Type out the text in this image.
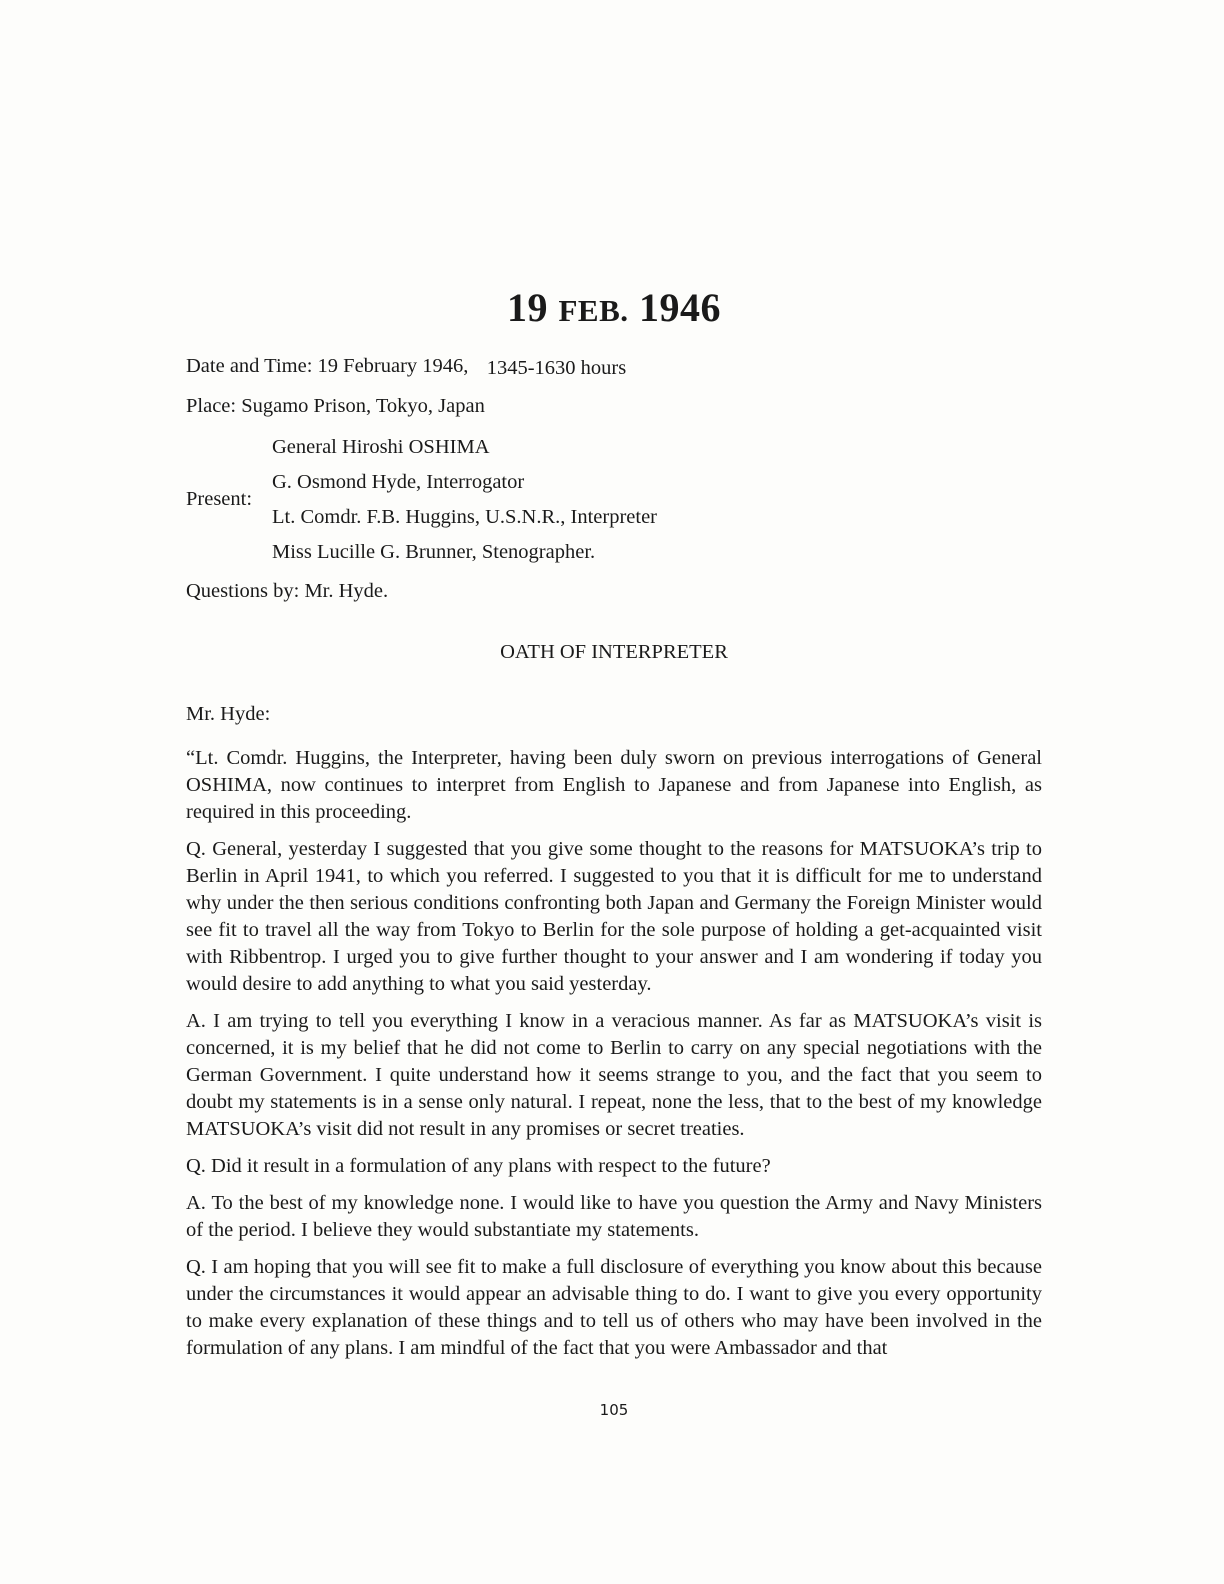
19 FEB. 1946
Date and Time: 19 February 1946, 1345-1630 hours
Place: Sugamo Prison, Tokyo, Japan
Present:
General Hiroshi OSHIMA
G. Osmond Hyde, Interrogator
Lt. Comdr. F.B. Huggins, U.S.N.R., Interpreter
Miss Lucille G. Brunner, Stenographer.
Questions by: Mr. Hyde.
OATH OF INTERPRETER

Mr. Hyde:

“Lt. Comdr. Huggins, the Interpreter, having been duly sworn on previous interrogations of General OSHIMA, now continues to interpret from English to Japanese and from Japanese into English, as required in this proceeding.

Q. General, yesterday I suggested that you give some thought to the reasons for MATSUOKA’s trip to Berlin in April 1941, to which you referred. I suggested to you that it is difficult for me to understand why under the then serious conditions confronting both Japan and Germany the Foreign Minister would see fit to travel all the way from Tokyo to Berlin for the sole purpose of holding a get-acquainted visit with Ribbentrop. I urged you to give further thought to your answer and I am wondering if today you would desire to add anything to what you said yesterday.

A. I am trying to tell you everything I know in a veracious manner. As far as MATSUOKA’s visit is concerned, it is my belief that he did not come to Berlin to carry on any special negotiations with the German Government. I quite understand how it seems strange to you, and the fact that you seem to doubt my statements is in a sense only natural. I repeat, none the less, that to the best of my knowledge MATSUOKA’s visit did not result in any promises or secret treaties.

Q. Did it result in a formulation of any plans with respect to the future?

A. To the best of my knowledge none. I would like to have you question the Army and Navy Ministers of the period. I believe they would substantiate my statements.

Q. I am hoping that you will see fit to make a full disclosure of everything you know about this because under the circumstances it would appear an advisable thing to do. I want to give you every opportunity to make every explanation of these things and to tell us of others who may have been involved in the formulation of any plans. I am mindful of the fact that you were Ambassador and that

105
